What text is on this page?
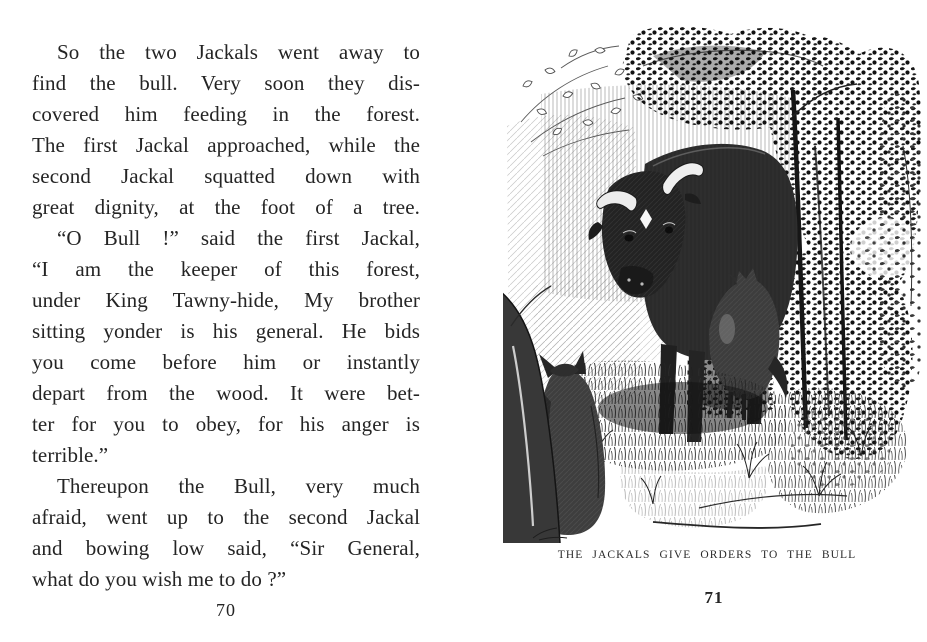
So the two Jackals went away to
find the bull. Very soon they dis-
covered him feeding in the forest.
The first Jackal approached, while the
second Jackal squatted down with
great dignity, at the foot of a tree.
“O Bull !” said the first Jackal,
“I am the keeper of this forest,
under King Tawny-hide, My brother
sitting yonder is his general. He bids
you come before him or instantly
depart from the wood. It were bet-
ter for you to obey, for his anger is
terrible.”
Thereupon the Bull, very much
afraid, went up to the second Jackal
and bowing low said, “Sir General,
what do you wish me to do ?”
70
THE JACKALS GIVE ORDERS TO THE BULL
71
